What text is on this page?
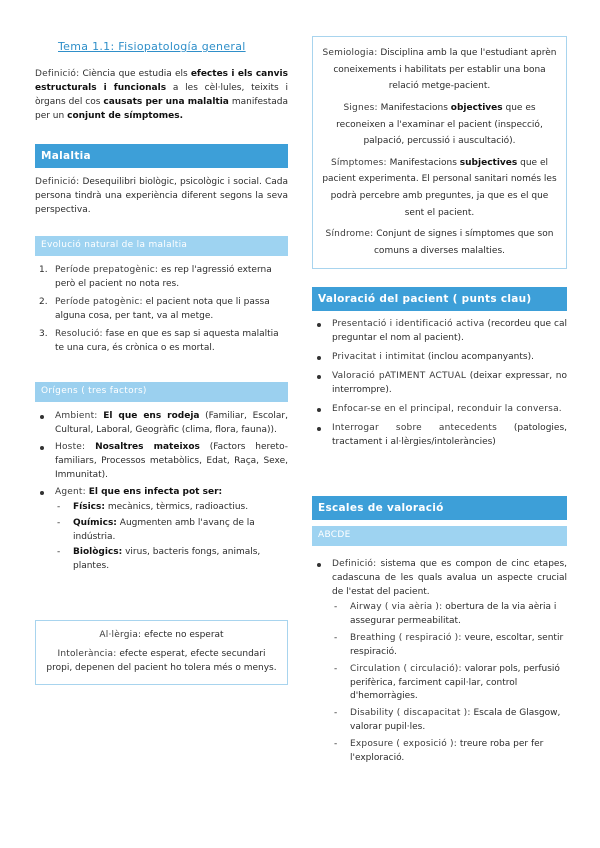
Tema 1.1: Fisiopatología general

Definició: Ciència que estudia els efectes i els canvis estructurals i funcionals a les cèl·lules, teixits i òrgans del cos causats per una malaltia manifestada per un conjunt de símptomes.

Malaltia

Definició: Desequilibri biològic, psicològic i social. Cada persona tindrà una experiència diferent segons la seva perspectiva.

Evolució natural de la malaltia
1. Període prepatogènic: es rep l'agressió externa però el pacient no nota res.
2. Període patogènic: el pacient nota que li passa alguna cosa, per tant, va al metge.
3. Resolució: fase en que es sap si aquesta malaltia te una cura, és crònica o es mortal.
Orígens ( tres factors)
Ambient: El que ens rodeja (Familiar, Escolar, Cultural, Laboral, Geogràfic (clima, flora, fauna)).
Hoste: Nosaltres mateixos (Factors hereto-familiars, Processos metabòlics, Edat, Raça, Sexe, Immunitat).
Agent: El que ens infecta pot ser:
- Físics: mecànics, tèrmics, radioactius.
- Químics: Augmenten amb l'avanç de la indústria.
- Biològics: virus, bacteris fongs, animals, plantes.

Al·lèrgia: efecte no esperat

Intolerància: efecte esperat, efecte secundari propi, depenen del pacient ho tolera més o menys.

Semiologia: Disciplina amb la que l'estudiant aprèn coneixements i habilitats per establir una bona relació metge-pacient.

Signes: Manifestacions objectives que es reconeixen a l'examinar el pacient (inspecció, palpació, percussió i auscultació).

Símptomes: Manifestacions subjectives que el pacient experimenta. El personal sanitari només les podrà percebre amb preguntes, ja que es el que sent el pacient.

Síndrome: Conjunt de signes i símptomes que son comuns a diverses malalties.

Valoració del pacient ( punts clau)
Presentació i identificació activa (recordeu que cal preguntar el nom al pacient).
Privacitat i intimitat (inclou acompanyants).
Valoració pATIMENT ACTUAL (deixar expressar, no interrompre).
Enfocar-se en el principal, reconduir la conversa.
Interrogar sobre antecedents (patologies, tractament i al·lèrgies/intoleràncies)
Escales de valoració
ABCDE
Definició: sistema que es compon de cinc etapes, cadascuna de les quals avalua un aspecte crucial de l'estat del pacient.
- Airway ( via aèria ): obertura de la via aèria i assegurar permeabilitat.
- Breathing ( respiració ): veure, escoltar, sentir respiració.
- Circulation ( circulació): valorar pols, perfusió perifèrica, farciment capil·lar, control d'hemorràgies.
- Disability ( discapacitat ): Escala de Glasgow, valorar pupil·les.
- Exposure ( exposició ): treure roba per fer l'exploració.
